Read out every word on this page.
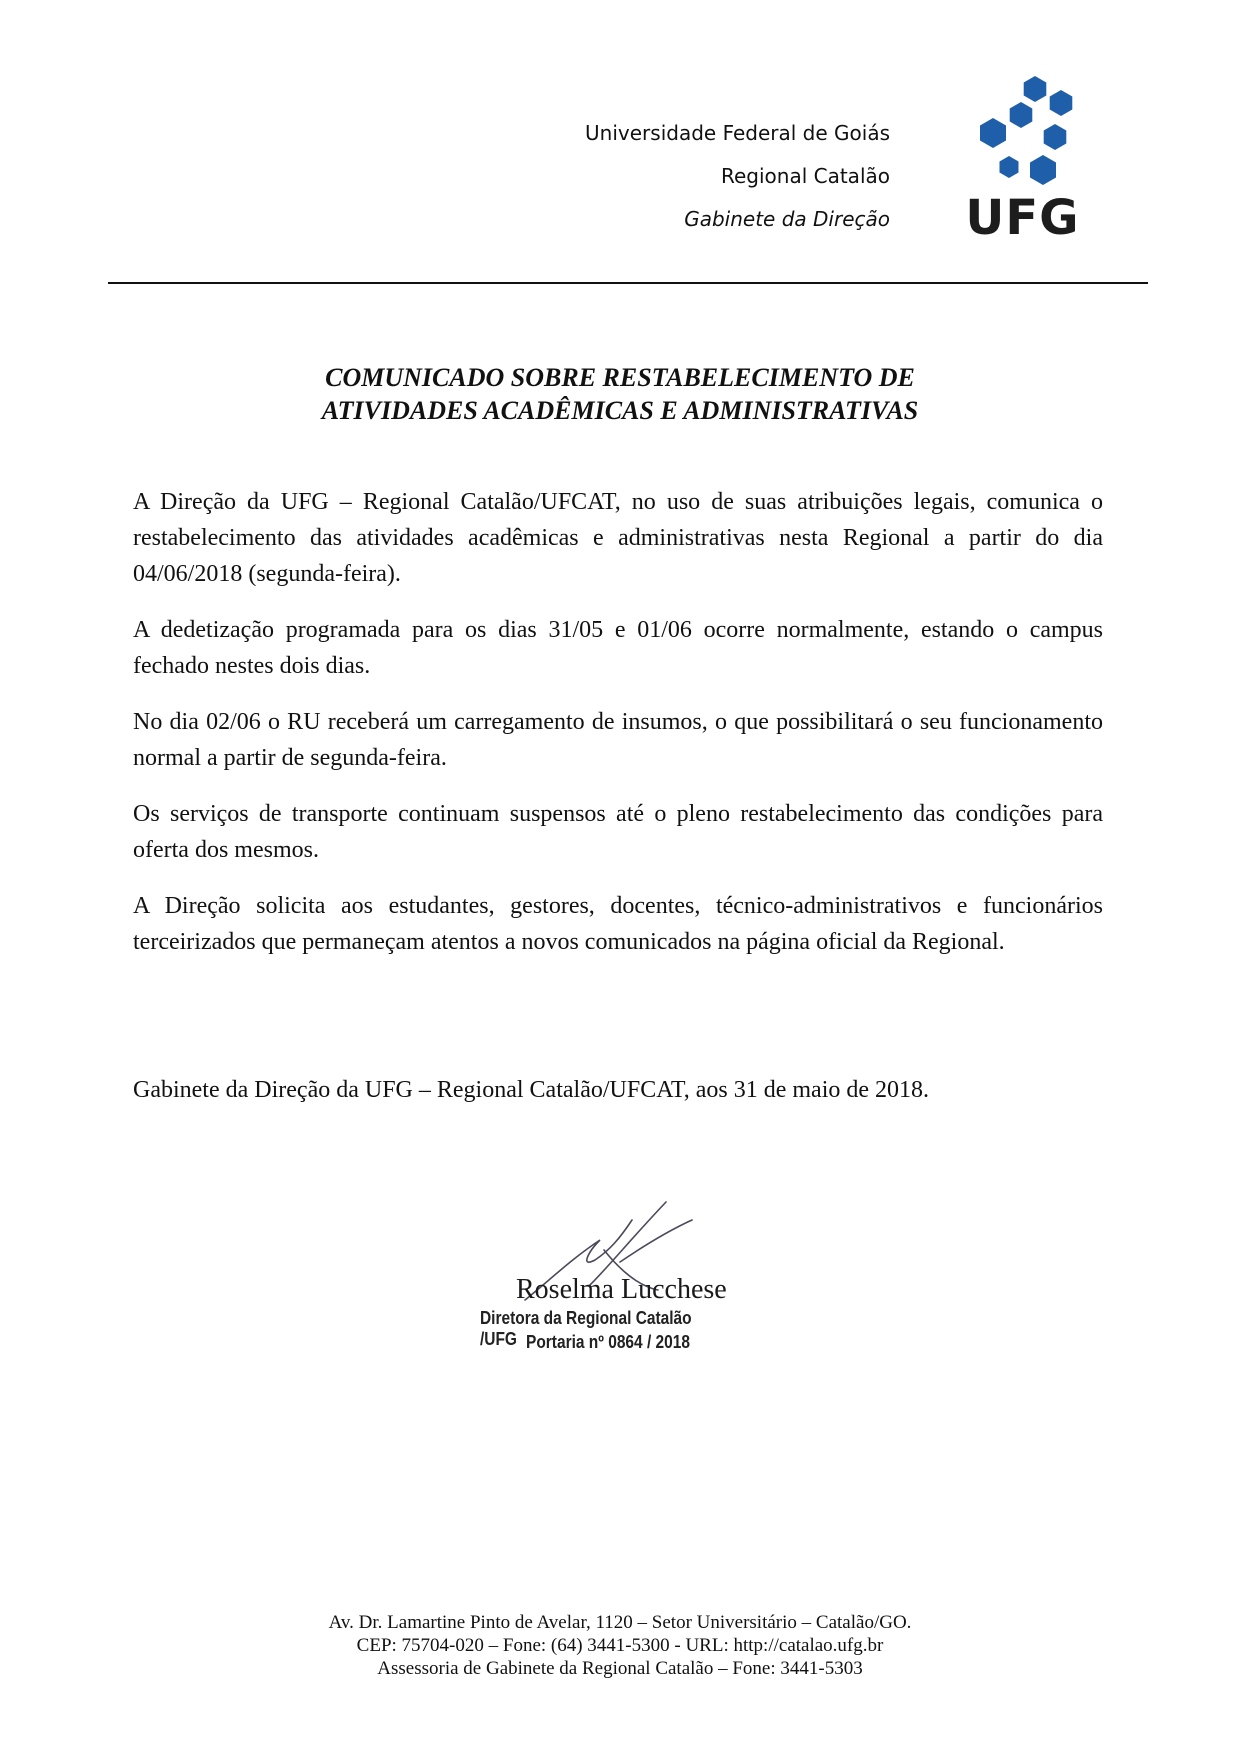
Universidade Federal de Goiás
Regional Catalão
Gabinete da Direção UFG
COMUNICADO SOBRE RESTABELECIMENTO DE
ATIVIDADES ACADÊMICAS E ADMINISTRATIVAS

A Direção da UFG – Regional Catalão/UFCAT, no uso de suas atribuições legais, comunica o restabelecimento das atividades acadêmicas e administrativas nesta Regional a partir do dia 04/06/2018 (segunda-feira).

A dedetização programada para os dias 31/05 e 01/06 ocorre normalmente, estando o campus fechado nestes dois dias.

No dia 02/06 o RU receberá um carregamento de insumos, o que possibilitará o seu funcionamento normal a partir de segunda-feira.

Os serviços de transporte continuam suspensos até o pleno restabelecimento das condições para oferta dos mesmos.

A Direção solicita aos estudantes, gestores, docentes, técnico-administrativos e funcionários terceirizados que permaneçam atentos a novos comunicados na página oficial da Regional.

Gabinete da Direção da UFG – Regional Catalão/UFCAT, aos 31 de maio de 2018.
Roselma Lucchese
Diretora da Regional Catalão /UFG Portaria nº 0864 / 2018
Av. Dr. Lamartine Pinto de Avelar, 1120 – Setor Universitário – Catalão/GO.
CEP: 75704-020 – Fone: (64) 3441-5300 - URL: http://catalao.ufg.br
Assessoria de Gabinete da Regional Catalão – Fone: 3441-5303
